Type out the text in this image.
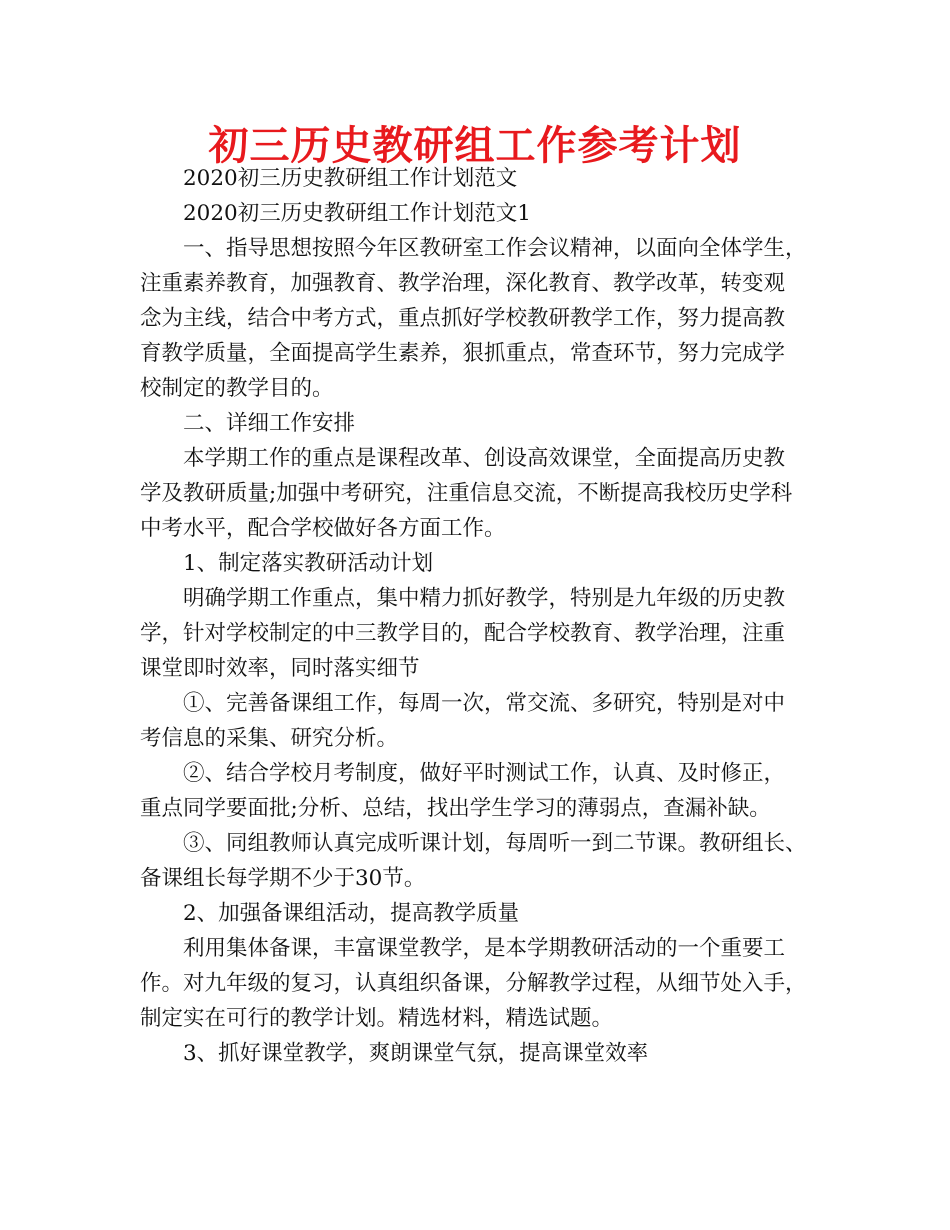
初三历史教研组工作参考计划
2020初三历史教研组工作计划范文
2020初三历史教研组工作计划范文1
一、指导思想按照今年区教研室工作会议精神，以面向全体学生，
注重素养教育，加强教育、教学治理，深化教育、教学改革，转变观
念为主线，结合中考方式，重点抓好学校教研教学工作，努力提高教
育教学质量，全面提高学生素养，狠抓重点，常查环节，努力完成学
校制定的教学目的。
二、详细工作安排
本学期工作的重点是课程改革、创设高效课堂，全面提高历史教
学及教研质量;加强中考研究，注重信息交流，不断提高我校历史学科
中考水平，配合学校做好各方面工作。
1、制定落实教研活动计划
明确学期工作重点，集中精力抓好教学，特别是九年级的历史教
学，针对学校制定的中三教学目的，配合学校教育、教学治理，注重
课堂即时效率，同时落实细节
①、完善备课组工作，每周一次，常交流、多研究，特别是对中
考信息的采集、研究分析。
②、结合学校月考制度，做好平时测试工作，认真、及时修正，
重点同学要面批;分析、总结，找出学生学习的薄弱点，查漏补缺。
③、同组教师认真完成听课计划，每周听一到二节课。教研组长、
备课组长每学期不少于30节。
2、加强备课组活动，提高教学质量
利用集体备课，丰富课堂教学，是本学期教研活动的一个重要工
作。对九年级的复习，认真组织备课，分解教学过程，从细节处入手，
制定实在可行的教学计划。精选材料，精选试题。
3、抓好课堂教学，爽朗课堂气氛，提高课堂效率
